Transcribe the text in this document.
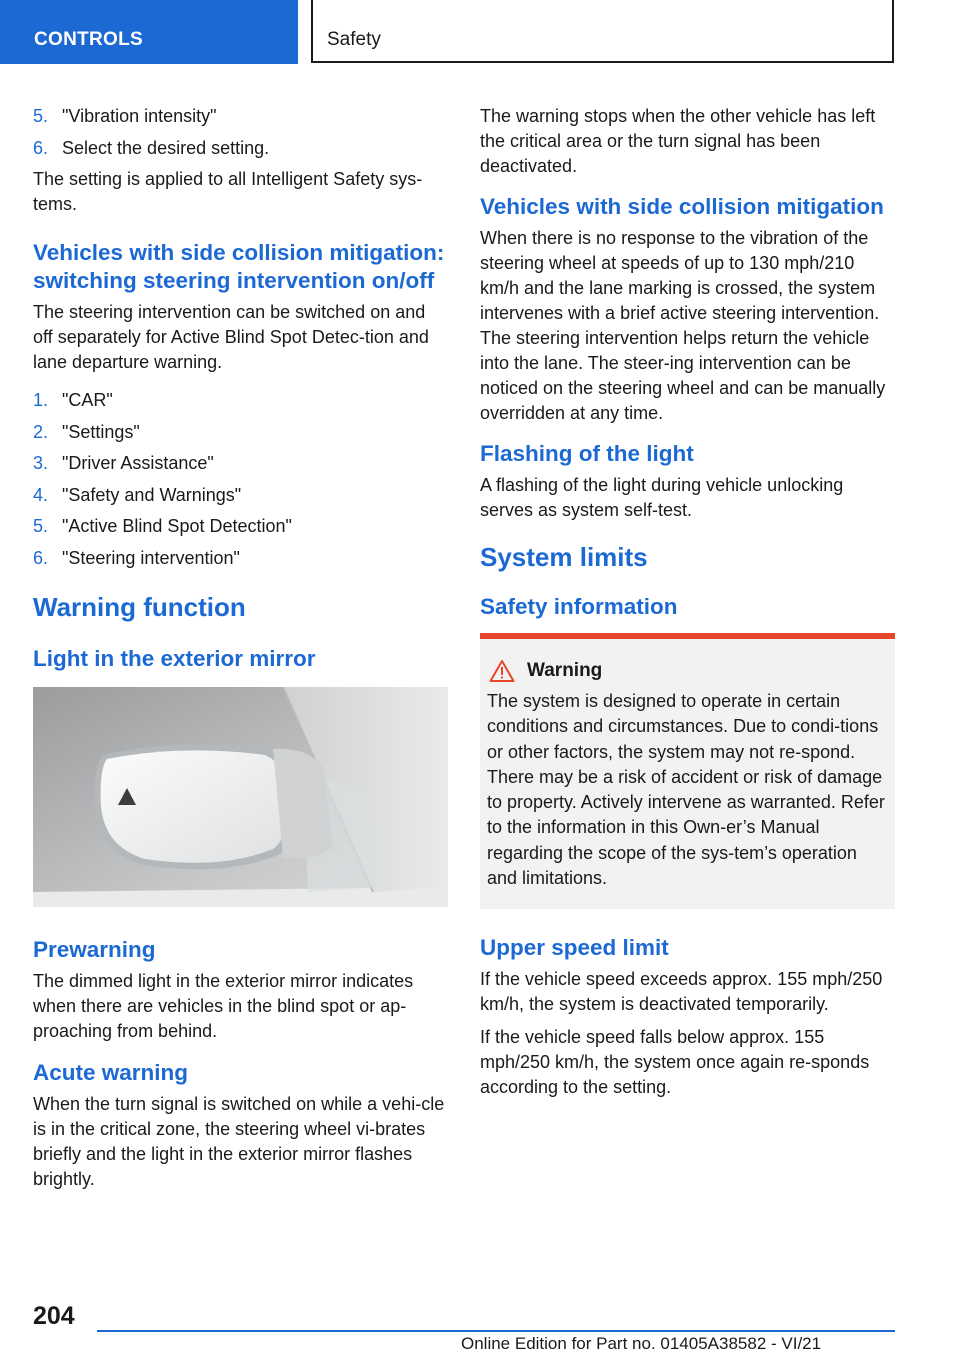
CONTROLS	Safety
5. "Vibration intensity"
6. Select the desired setting.

The setting is applied to all Intelligent Safety sys-tems.

Vehicles with side collision mitigation: switching steering intervention on/off

The steering intervention can be switched on and off separately for Active Blind Spot Detec-tion and lane departure warning.

1. "CAR"
2. "Settings"
3. "Driver Assistance"
4. "Safety and Warnings"
5. "Active Blind Spot Detection"
6. "Steering intervention"
Warning function
Light in the exterior mirror
Prewarning

The dimmed light in the exterior mirror indicates when there are vehicles in the blind spot or ap-proaching from behind.

Acute warning

When the turn signal is switched on while a vehi-cle is in the critical zone, the steering wheel vi-brates briefly and the light in the exterior mirror flashes brightly.

The warning stops when the other vehicle has left the critical area or the turn signal has been deactivated.

Vehicles with side collision mitigation

When there is no response to the vibration of the steering wheel at speeds of up to 130 mph/210 km/h and the lane marking is crossed, the system intervenes with a brief active steering intervention. The steering intervention helps return the vehicle into the lane. The steer-ing intervention can be noticed on the steering wheel and can be manually overridden at any time.

Flashing of the light

A flashing of the light during vehicle unlocking serves as system self-test.

System limits
Safety information
Warning

The system is designed to operate in certain conditions and circumstances. Due to condi-tions or other factors, the system may not re-spond. There may be a risk of accident or risk of damage to property. Actively intervene as warranted. Refer to the information in this Own-er’s Manual regarding the scope of the sys-tem’s operation and limitations.

Upper speed limit

If the vehicle speed exceeds approx. 155 mph/250 km/h, the system is deactivated temporarily.

If the vehicle speed falls below approx. 155 mph/250 km/h, the system once again re-sponds according to the setting.

204
Online Edition for Part no. 01405A38582 - VI/21
